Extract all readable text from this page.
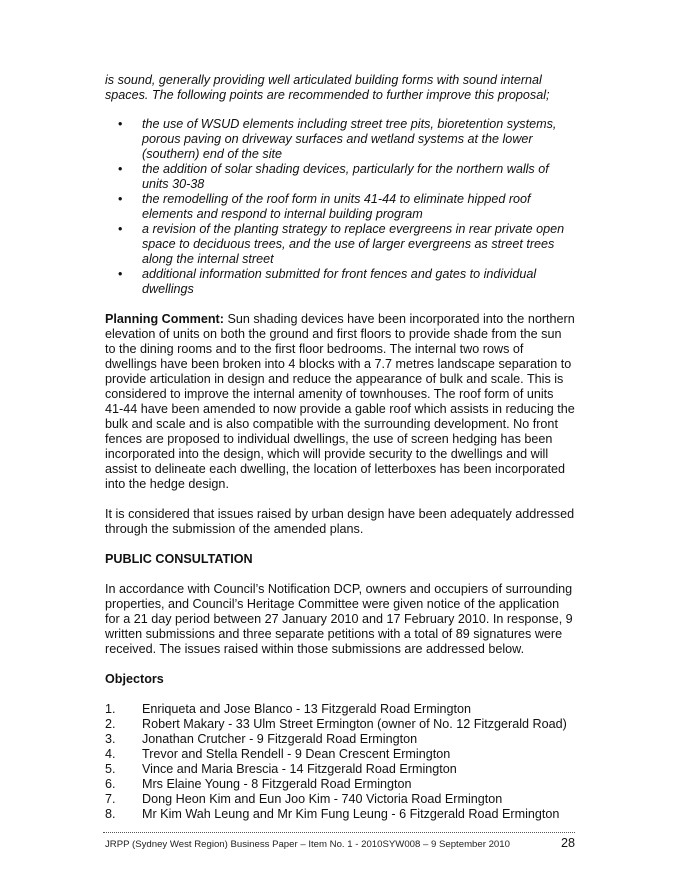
is sound, generally providing well articulated building forms with sound internal spaces. The following points are recommended to further improve this proposal;

• the use of WSUD elements including street tree pits, bioretention systems, porous paving on driveway surfaces and wetland systems at the lower (southern) end of the site
• the addition of solar shading devices, particularly for the northern walls of units 30-38
• the remodelling of the roof form in units 41-44 to eliminate hipped roof elements and respond to internal building program
• a revision of the planting strategy to replace evergreens in rear private open space to deciduous trees, and the use of larger evergreens as street trees along the internal street
• additional information submitted for front fences and gates to individual dwellings

Planning Comment: Sun shading devices have been incorporated into the northern elevation of units on both the ground and first floors to provide shade from the sun to the dining rooms and to the first floor bedrooms. The internal two rows of dwellings have been broken into 4 blocks with a 7.7 metres landscape separation to provide articulation in design and reduce the appearance of bulk and scale. This is considered to improve the internal amenity of townhouses. The roof form of units 41-44 have been amended to now provide a gable roof which assists in reducing the bulk and scale and is also compatible with the surrounding development. No front fences are proposed to individual dwellings, the use of screen hedging has been incorporated into the design, which will provide security to the dwellings and will assist to delineate each dwelling, the location of letterboxes has been incorporated into the hedge design.

It is considered that issues raised by urban design have been adequately addressed through the submission of the amended plans.

PUBLIC CONSULTATION

In accordance with Council’s Notification DCP, owners and occupiers of surrounding properties, and Council’s Heritage Committee were given notice of the application for a 21 day period between 27 January 2010 and 17 February 2010. In response, 9 written submissions and three separate petitions with a total of 89 signatures were received. The issues raised within those submissions are addressed below.

Objectors
1. Enriqueta and Jose Blanco - 13 Fitzgerald Road Ermington
2. Robert Makary - 33 Ulm Street Ermington (owner of No. 12 Fitzgerald Road)
3. Jonathan Crutcher - 9 Fitzgerald Road Ermington
4. Trevor and Stella Rendell - 9 Dean Crescent Ermington
5. Vince and Maria Brescia - 14 Fitzgerald Road Ermington
6. Mrs Elaine Young - 8 Fitzgerald Road Ermington
7. Dong Heon Kim and Eun Joo Kim - 740 Victoria Road Ermington
8. Mr Kim Wah Leung and Mr Kim Fung Leung - 6 Fitzgerald Road Ermington
JRPP (Sydney West Region) Business Paper – Item No. 1 - 2010SYW008 – 9 September 2010	28
